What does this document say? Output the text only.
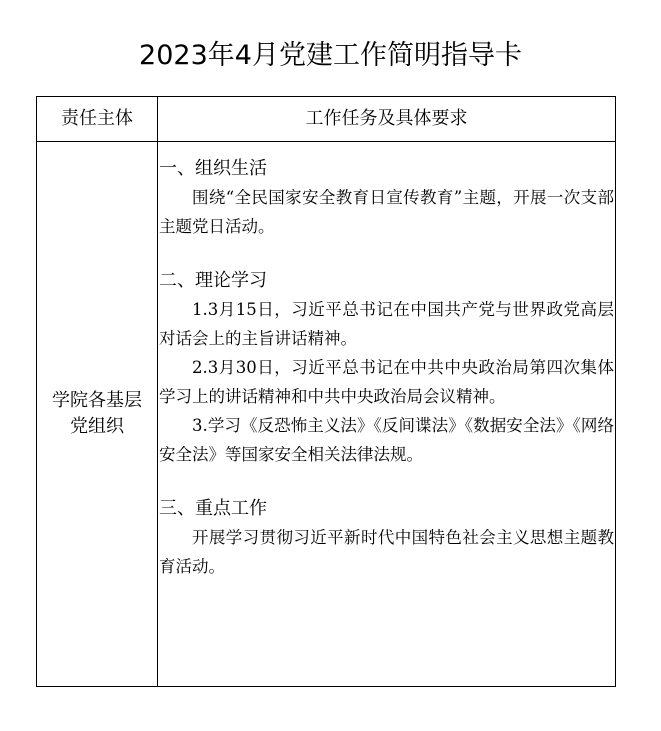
2023年4月党建工作简明指导卡
责任主体	工作任务及具体要求
学院各基层党组织
一、组织生活

围绕“全民国家安全教育日宣传教育”主题，开展一次支部主题党日活动。

二、理论学习

1.3月15日，习近平总书记在中国共产党与世界政党高层对话会上的主旨讲话精神。

2.3月30日，习近平总书记在中共中央政治局第四次集体学习上的讲话精神和中共中央政治局会议精神。

3.学习《反恐怖主义法》《反间谍法》《数据安全法》《网络安全法》等国家安全相关法律法规。

三、重点工作

开展学习贯彻习近平新时代中国特色社会主义思想主题教育活动。
